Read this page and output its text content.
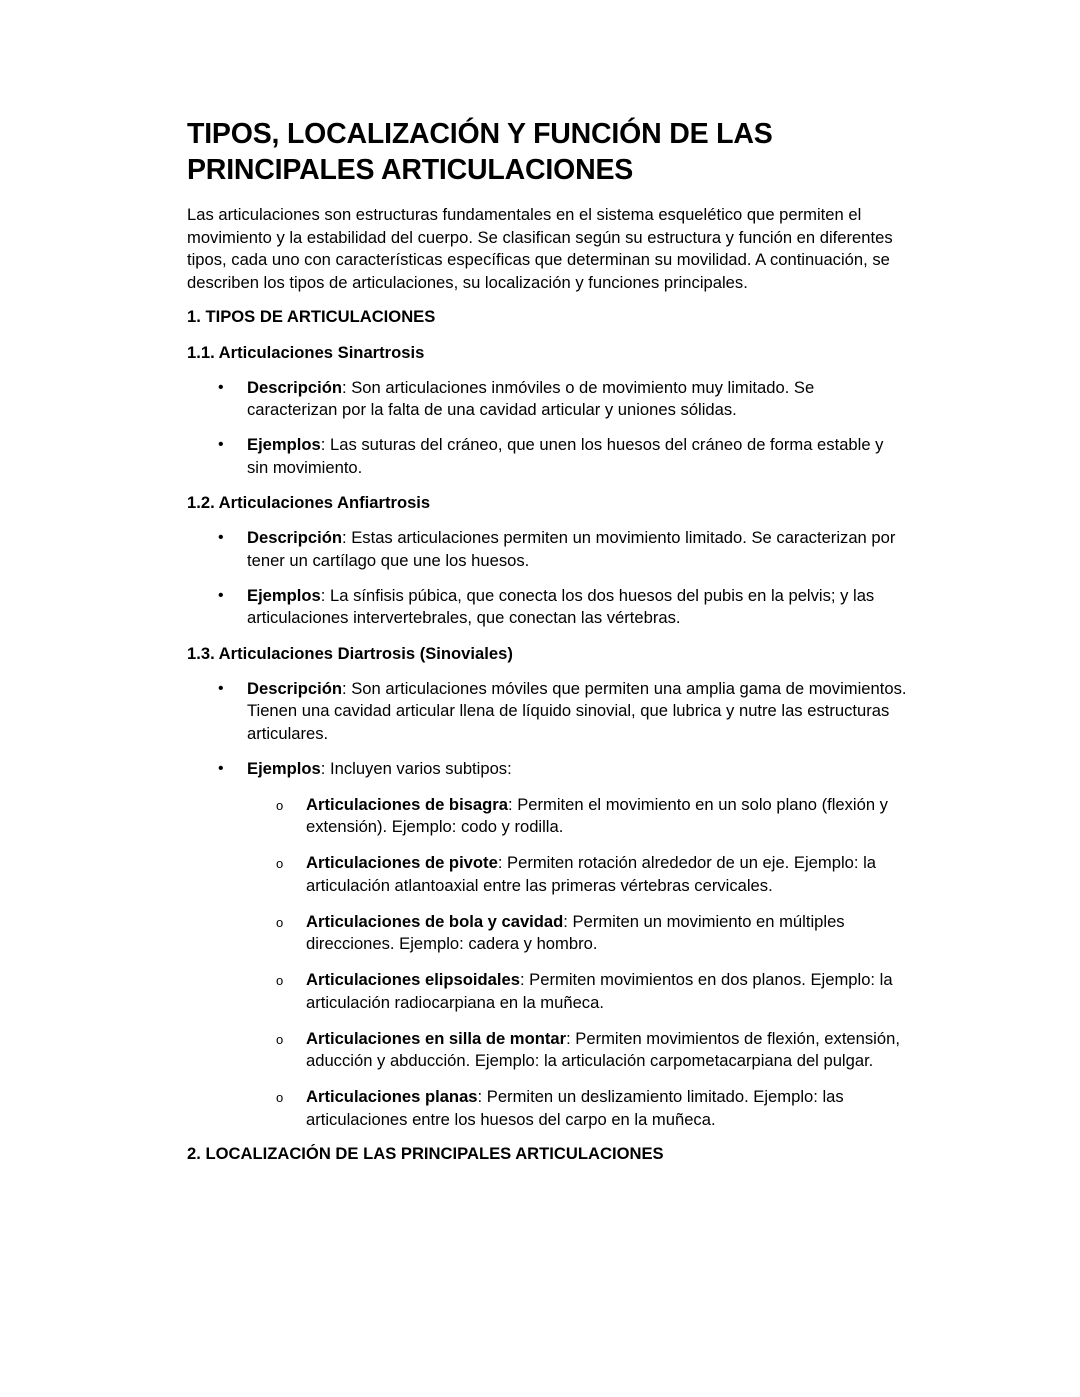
TIPOS, LOCALIZACIÓN Y FUNCIÓN DE LAS
PRINCIPALES ARTICULACIONES

Las articulaciones son estructuras fundamentales en el sistema esquelético que permiten el movimiento y la estabilidad del cuerpo. Se clasifican según su estructura y función en diferentes tipos, cada uno con características específicas que determinan su movilidad. A continuación, se describen los tipos de articulaciones, su localización y funciones principales.

1. TIPOS DE ARTICULACIONES
1.1. Articulaciones Sinartrosis
• Descripción: Son articulaciones inmóviles o de movimiento muy limitado. Se caracterizan por la falta de una cavidad articular y uniones sólidas.
• Ejemplos: Las suturas del cráneo, que unen los huesos del cráneo de forma estable y sin movimiento.
1.2. Articulaciones Anfiartrosis
• Descripción: Estas articulaciones permiten un movimiento limitado. Se caracterizan por tener un cartílago que une los huesos.
• Ejemplos: La sínfisis púbica, que conecta los dos huesos del pubis en la pelvis; y las articulaciones intervertebrales, que conectan las vértebras.
1.3. Articulaciones Diartrosis (Sinoviales)
• Descripción: Son articulaciones móviles que permiten una amplia gama de movimientos. Tienen una cavidad articular llena de líquido sinovial, que lubrica y nutre las estructuras articulares.
• Ejemplos: Incluyen varios subtipos:
o Articulaciones de bisagra: Permiten el movimiento en un solo plano (flexión y extensión). Ejemplo: codo y rodilla.
o Articulaciones de pivote: Permiten rotación alrededor de un eje. Ejemplo: la articulación atlantoaxial entre las primeras vértebras cervicales.
o Articulaciones de bola y cavidad: Permiten un movimiento en múltiples direcciones. Ejemplo: cadera y hombro.
o Articulaciones elipsoidales: Permiten movimientos en dos planos. Ejemplo: la articulación radiocarpiana en la muñeca.
o Articulaciones en silla de montar: Permiten movimientos de flexión, extensión, aducción y abducción. Ejemplo: la articulación carpometacarpiana del pulgar.
o Articulaciones planas: Permiten un deslizamiento limitado. Ejemplo: las articulaciones entre los huesos del carpo en la muñeca.
2. LOCALIZACIÓN DE LAS PRINCIPALES ARTICULACIONES
